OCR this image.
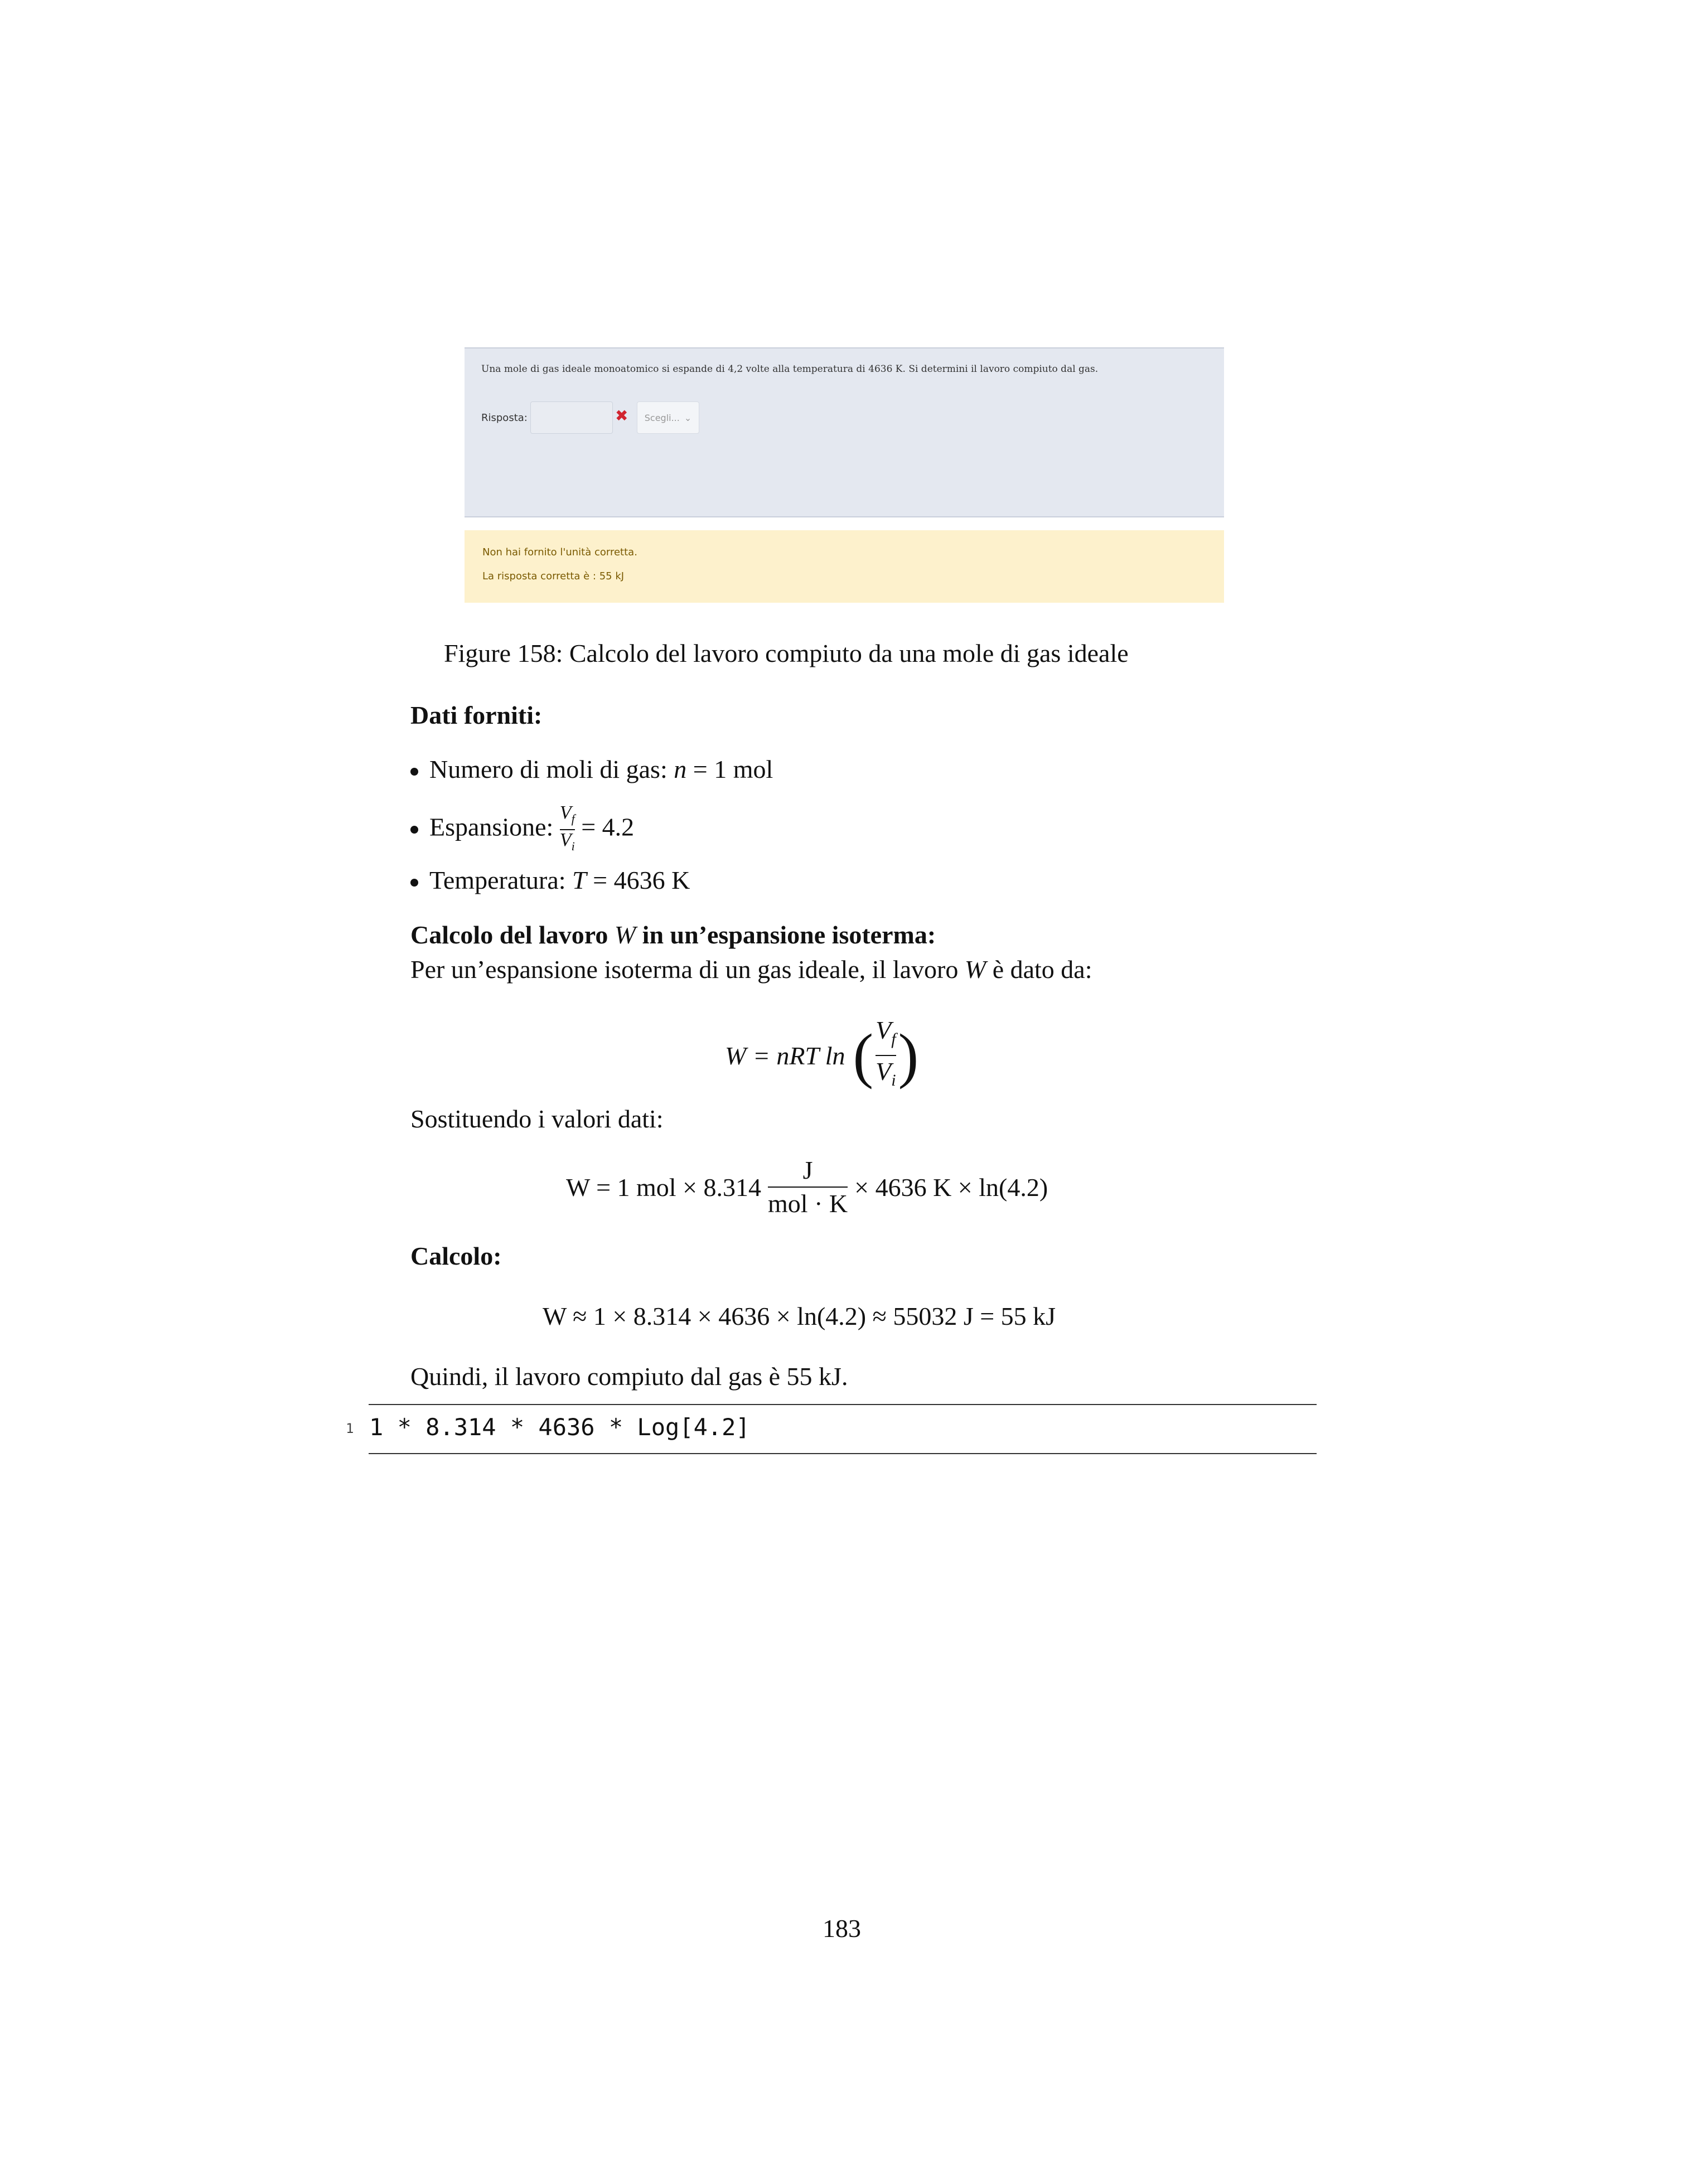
Una mole di gas ideale monoatomico si espande di 4,2 volte alla temperatura di 4636 K. Si determini il lavoro compiuto dal gas.
Risposta:	✖ Scegli... ⌄
Non hai fornito l'unità corretta.
La risposta corretta è : 55 kJ
Figure 158: Calcolo del lavoro compiuto da una mole di gas ideale
Dati forniti:
Numero di moli di gas: n = 1 mol
Espansione: $\frac{V_f}{V_i} = 4.2$
Temperatura: T = 4636 K
Calcolo del lavoro W in un’espansione isoterma:
Per un’espansione isoterma di un gas ideale, il lavoro W è dato da:
W = nRT ln ( $\frac{V_f}{V_i}$ )
Sostituendo i valori dati:
W = 1 mol × $8.314 \frac{J}{\text{mol · K}} \times 4636$ K × ln(4.2)
Calcolo:
W ≈ 1 × 8.314 × 4636 × ln(4.2) ≈ 55032 J = 55 kJ
Quindi, il lavoro compiuto dal gas è 55 kJ.
1 1 * 8.314 * 4636 * Log[4.2]
183
